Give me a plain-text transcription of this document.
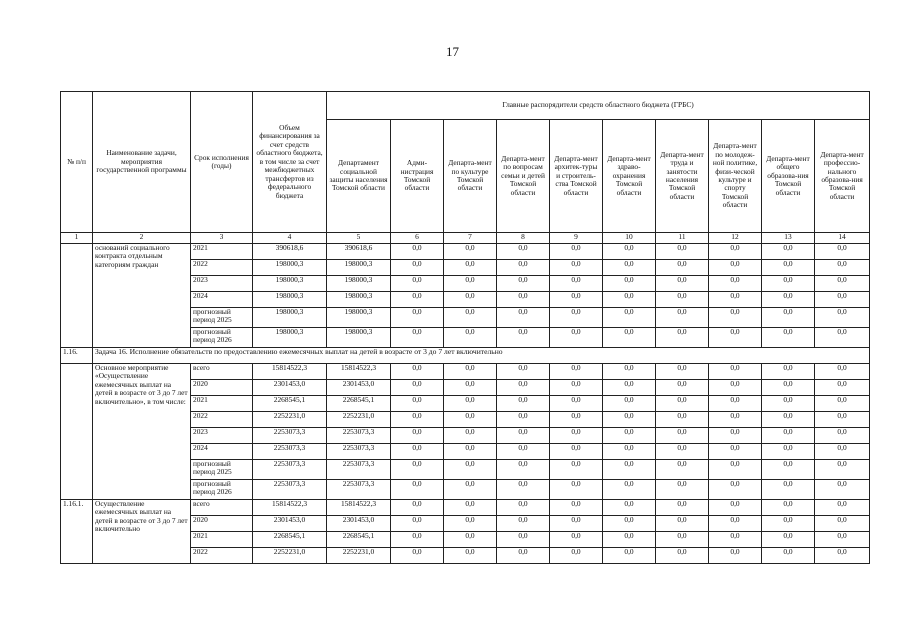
17
№ п/п	Наименование задачи, мероприятия государственной программы	Срок исполнения (годы)	Объем финансирования за счет средств областного бюджета, в том числе за счет межбюджетных трансфертов из федерального бюджета	Главные распорядители средств областного бюджета (ГРБС)									
				Департамент социальной защиты населения Томской области	Адми-нистрация Томской области	Департа-мент по культуре Томской области	Департа-мент по вопросам семьи и детей Томской области	Департа-мент архитек-туры и строитель-ства Томской области	Департа-мент здраво-охранения Томской области	Департа-мент труда и занятости населения Томской области	Департа-мент по молодеж-ной политике, физи-ческой культуре и спорту Томской области	Департа-мент общего образова-ния Томской области	Департа-мент профессио-нального образова-ния Томской области
1	2	3	4	5	6	7	8	9	10	11	12	13	14
	оснований социального контракта отдельным категориям граждан	2021	390618,6	390618,6	0,0	0,0	0,0	0,0	0,0	0,0	0,0	0,0	0,0
		2022	198000,3	198000,3	0,0	0,0	0,0	0,0	0,0	0,0	0,0	0,0	0,0
		2023	198000,3	198000,3	0,0	0,0	0,0	0,0	0,0	0,0	0,0	0,0	0,0
		2024	198000,3	198000,3	0,0	0,0	0,0	0,0	0,0	0,0	0,0	0,0	0,0
		прогнозный период 2025	198000,3	198000,3	0,0	0,0	0,0	0,0	0,0	0,0	0,0	0,0	0,0
		прогнозный период 2026	198000,3	198000,3	0,0	0,0	0,0	0,0	0,0	0,0	0,0	0,0	0,0
1.16.	Задача 16. Исполнение обязательств по предоставлению ежемесячных выплат на детей в возрасте от 3 до 7 лет включительно												
	Основное мероприятие «Осуществление ежемесячных выплат на детей в возрасте от 3 до 7 лет включительно», в том числе:	всего	15814522,3	15814522,3	0,0	0,0	0,0	0,0	0,0	0,0	0,0	0,0	0,0
		2020	2301453,0	2301453,0	0,0	0,0	0,0	0,0	0,0	0,0	0,0	0,0	0,0
		2021	2268545,1	2268545,1	0,0	0,0	0,0	0,0	0,0	0,0	0,0	0,0	0,0
		2022	2252231,0	2252231,0	0,0	0,0	0,0	0,0	0,0	0,0	0,0	0,0	0,0
		2023	2253073,3	2253073,3	0,0	0,0	0,0	0,0	0,0	0,0	0,0	0,0	0,0
		2024	2253073,3	2253073,3	0,0	0,0	0,0	0,0	0,0	0,0	0,0	0,0	0,0
		прогнозный период 2025	2253073,3	2253073,3	0,0	0,0	0,0	0,0	0,0	0,0	0,0	0,0	0,0
		прогнозный период 2026	2253073,3	2253073,3	0,0	0,0	0,0	0,0	0,0	0,0	0,0	0,0	0,0
1.16.1.	Осуществление ежемесячных выплат на детей в возрасте от 3 до 7 лет включительно	всего	15814522,3	15814522,3	0,0	0,0	0,0	0,0	0,0	0,0	0,0	0,0	0,0
		2020	2301453,0	2301453,0	0,0	0,0	0,0	0,0	0,0	0,0	0,0	0,0	0,0
		2021	2268545,1	2268545,1	0,0	0,0	0,0	0,0	0,0	0,0	0,0	0,0	0,0
		2022	2252231,0	2252231,0	0,0	0,0	0,0	0,0	0,0	0,0	0,0	0,0	0,0
